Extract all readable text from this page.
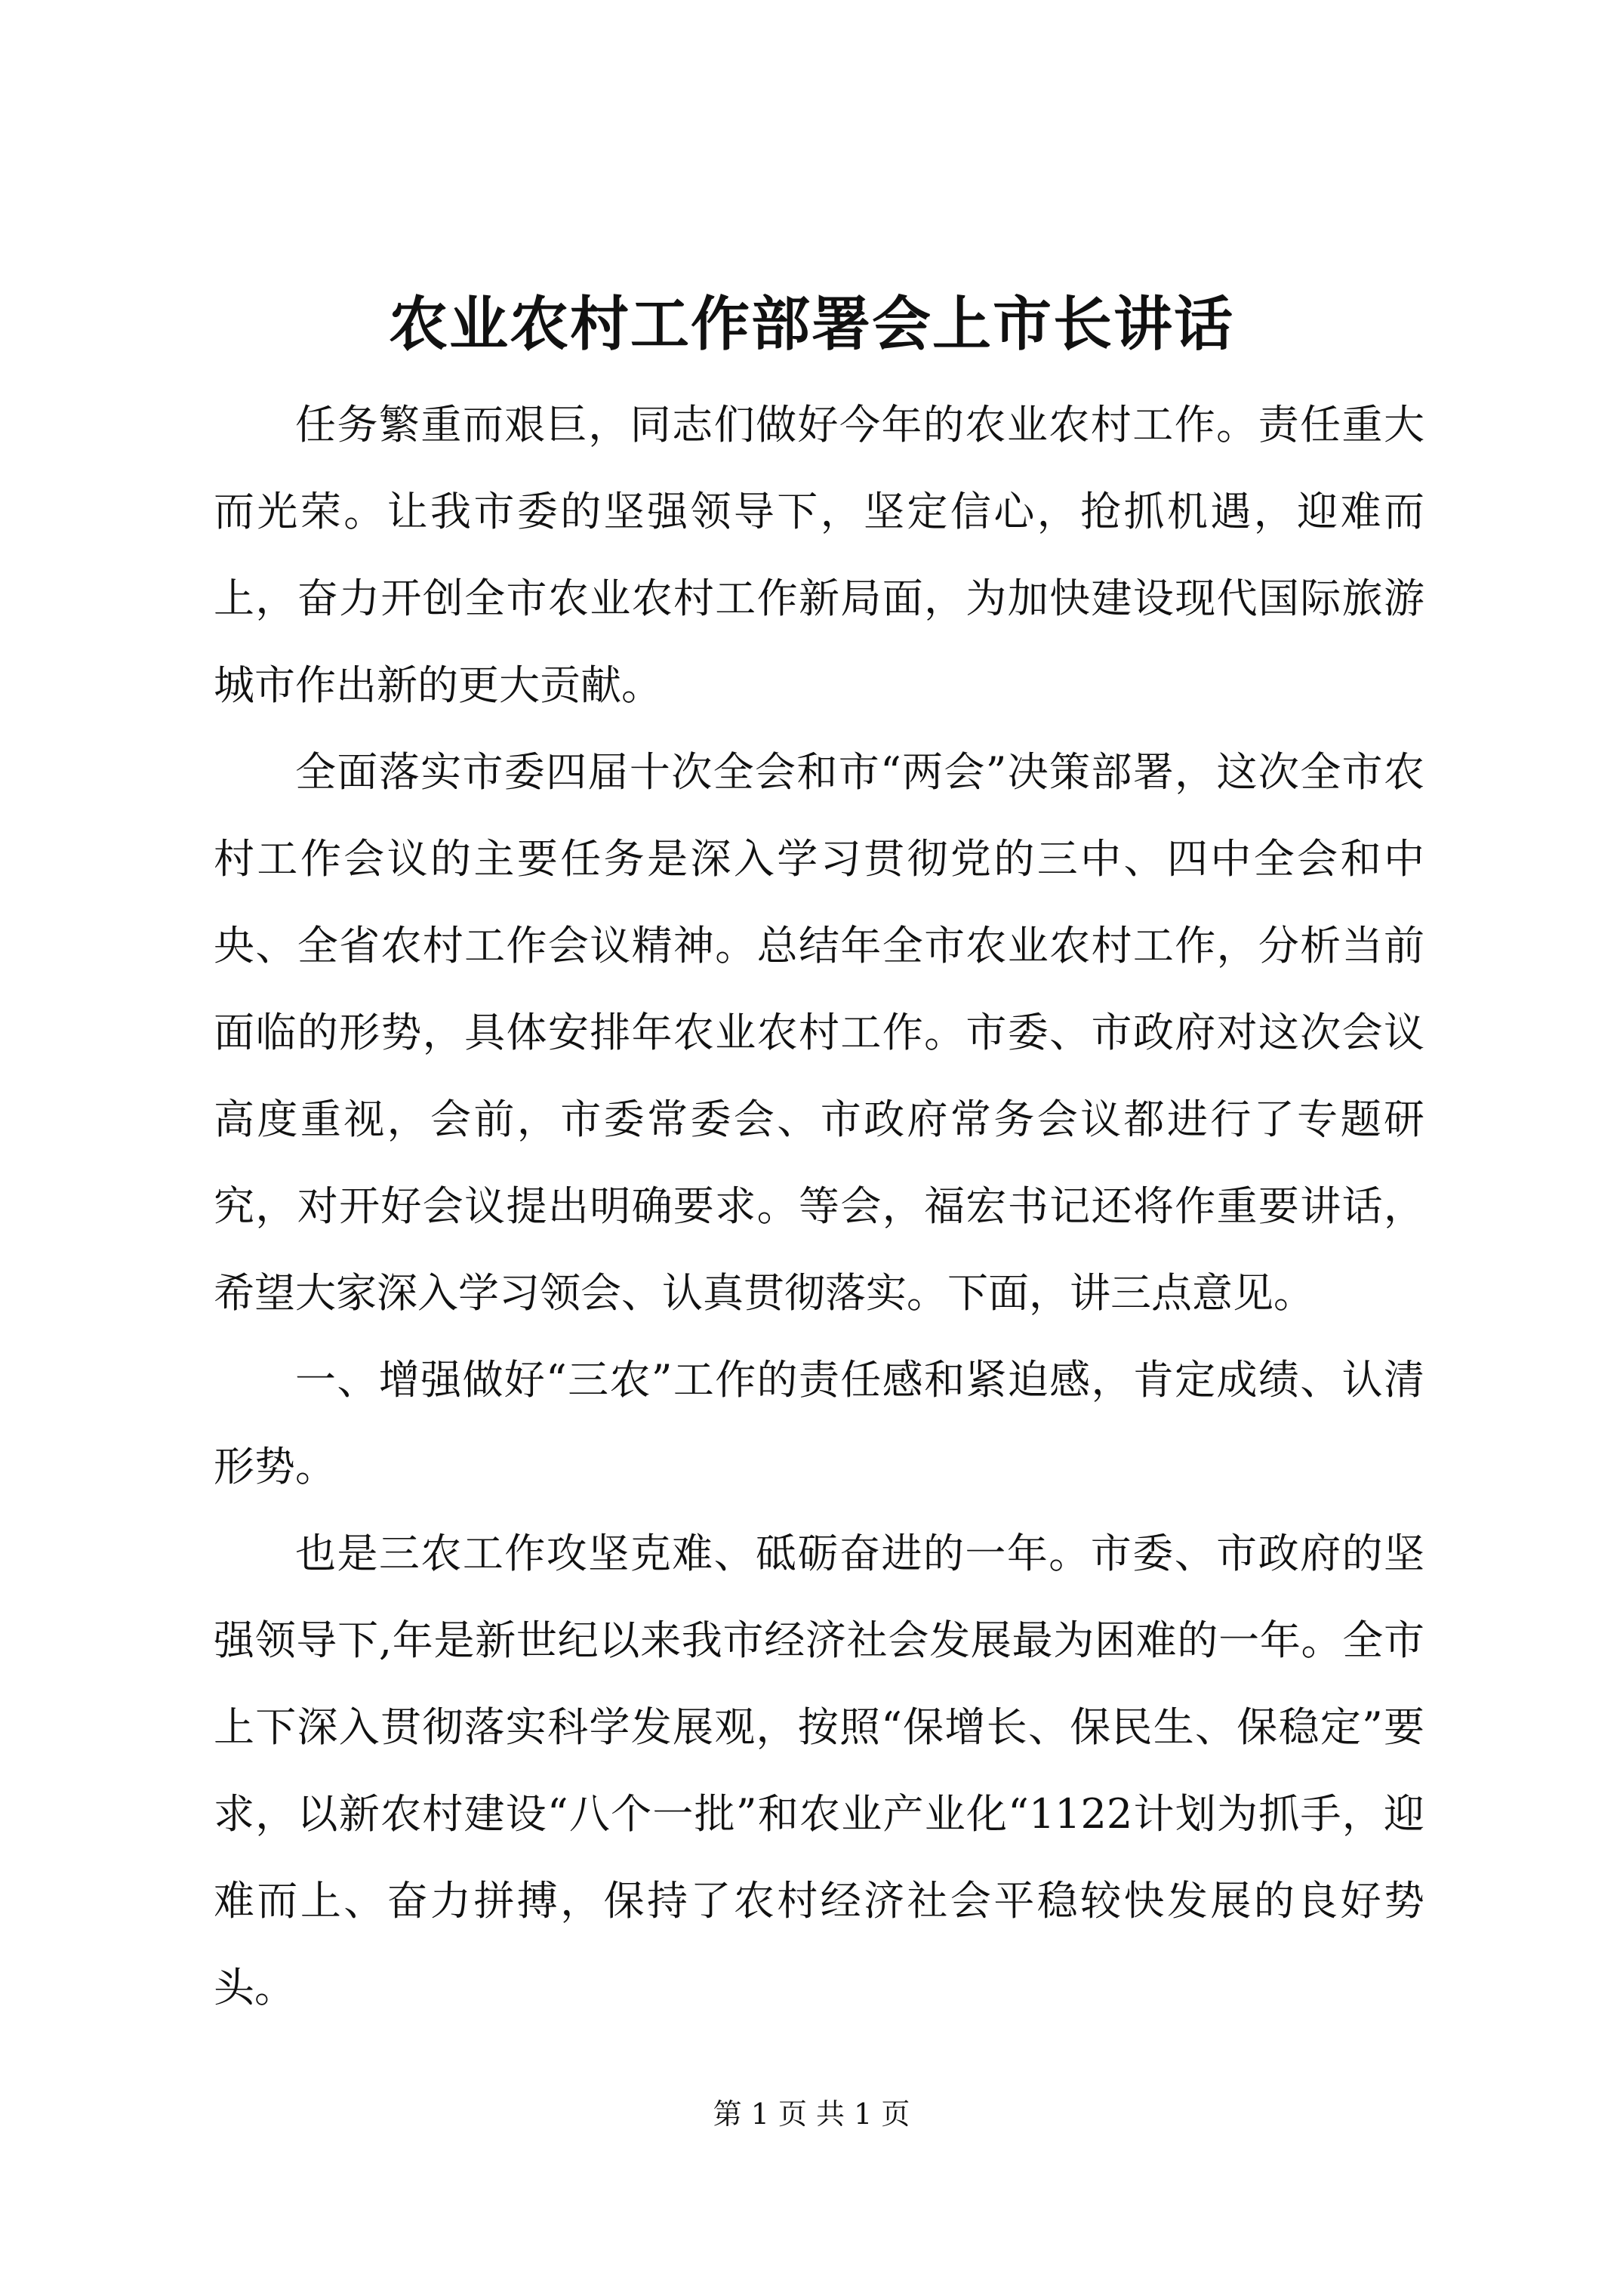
农业农村工作部署会上市长讲话

任务繁重而艰巨，同志们做好今年的农业农村工作。责任重大而光荣。让我市委的坚强领导下，坚定信心，抢抓机遇，迎难而上，奋力开创全市农业农村工作新局面，为加快建设现代国际旅游城市作出新的更大贡献。

全面落实市委四届十次全会和市“两会”决策部署，这次全市农村工作会议的主要任务是深入学习贯彻党的三中、四中全会和中央、全省农村工作会议精神。总结年全市农业农村工作，分析当前面临的形势，具体安排年农业农村工作。市委、市政府对这次会议高度重视，会前，市委常委会、市政府常务会议都进行了专题研究，对开好会议提出明确要求。等会，福宏书记还将作重要讲话，希望大家深入学习领会、认真贯彻落实。下面，讲三点意见。

一、增强做好“三农”工作的责任感和紧迫感，肯定成绩、认清形势。

也是三农工作攻坚克难、砥砺奋进的一年。市委、市政府的坚强领导下,年是新世纪以来我市经济社会发展最为困难的一年。全市上下深入贯彻落实科学发展观，按照“保增长、保民生、保稳定”要求，以新农村建设“八个一批”和农业产业化“1122计划为抓手，迎难而上、奋力拼搏，保持了农村经济社会平稳较快发展的良好势头。

第 1 页 共 1 页
